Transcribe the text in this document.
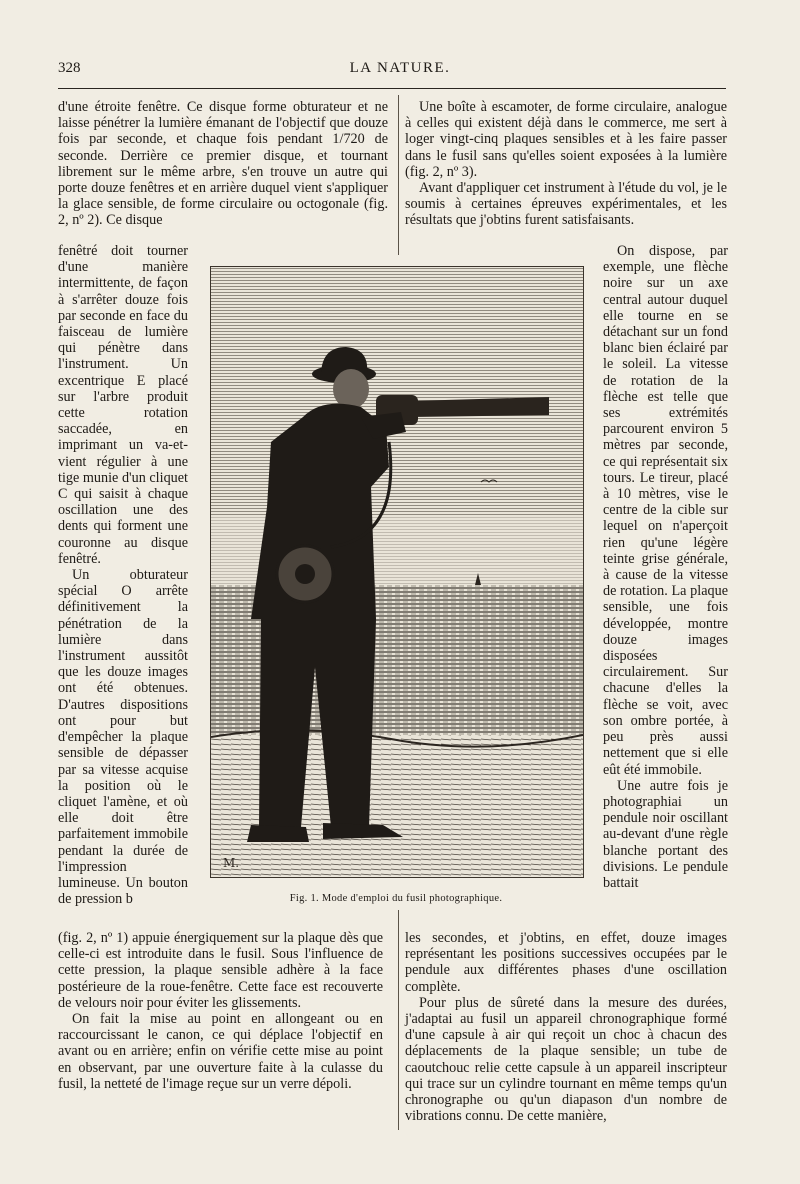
328	LA NATURE.

d'une étroite fenêtre. Ce disque forme obturateur et ne laisse pénétrer la lumière émanant de l'objectif que douze fois par seconde, et chaque fois pendant 1/720 de seconde. Derrière ce premier disque, et tournant librement sur le même arbre, s'en trouve un autre qui porte douze fenêtres et en arrière duquel vient s'appliquer la glace sensible, de forme circulaire ou octogonale (fig. 2, nº 2). Ce disque

fenêtré doit tourner d'une manière intermittente, de façon à s'arrêter douze fois par seconde en face du faisceau de lumière qui pénètre dans l'instrument. Un excentrique E placé sur l'arbre produit cette rotation saccadée, en imprimant un va-et-vient régulier à une tige munie d'un cliquet C qui saisit à chaque oscillation une des dents qui forment une couronne au disque fenêtré.

Un obturateur spécial O arrête définitivement la pénétration de la lumière dans l'instrument aussitôt que les douze images ont été obtenues. D'autres dispositions ont pour but d'empêcher la plaque sensible de dépasser par sa vitesse acquise la position où le cliquet l'amène, et où elle doit être parfaitement immobile pendant la durée de l'impression lumineuse. Un bouton de pression b

(fig. 2, nº 1) appuie énergiquement sur la plaque dès que celle-ci est introduite dans le fusil. Sous l'influence de cette pression, la plaque sensible adhère à la face postérieure de la roue-fenêtre. Cette face est recouverte de velours noir pour éviter les glissements.

On fait la mise au point en allongeant ou en raccourcissant le canon, ce qui déplace l'objectif en avant ou en arrière; enfin on vérifie cette mise au point en observant, par une ouverture faite à la culasse du fusil, la netteté de l'image reçue sur un verre dépoli.

Une boîte à escamoter, de forme circulaire, analogue à celles qui existent déjà dans le commerce, me sert à loger vingt-cinq plaques sensibles et à les faire passer dans le fusil sans qu'elles soient exposées à la lumière (fig. 2, nº 3).

Avant d'appliquer cet instrument à l'étude du vol, je le soumis à certaines épreuves expérimentales, et les résultats que j'obtins furent satisfaisants.

On dispose, par exemple, une flèche noire sur un axe central autour duquel elle tourne en se détachant sur un fond blanc bien éclairé par le soleil. La vitesse de rotation de la flèche est telle que ses extrémités parcourent environ 5 mètres par seconde, ce qui représentait six tours. Le tireur, placé à 10 mètres, vise le centre de la cible sur lequel on n'aperçoit rien qu'une légère teinte grise générale, à cause de la vitesse de rotation. La plaque sensible, une fois développée, montre douze images disposées circulairement. Sur chacune d'elles la flèche se voit, avec son ombre portée, à peu près aussi nettement que si elle eût été immobile.

Une autre fois je photographiai un pendule noir oscillant au-devant d'une règle blanche portant des divisions. Le pendule battait

les secondes, et j'obtins, en effet, douze images représentant les positions successives occupées par le pendule aux différentes phases d'une oscillation complète.

Pour plus de sûreté dans la mesure des durées, j'adaptai au fusil un appareil chronographique formé d'une capsule à air qui reçoit un choc à chacun des déplacements de la plaque sensible; un tube de caoutchouc relie cette capsule à un appareil inscripteur qui trace sur un cylindre tournant en même temps qu'un chronographe ou qu'un diapason d'un nombre de vibrations connu. De cette manière,

M.
Fig. 1. Mode d'emploi du fusil photographique.
